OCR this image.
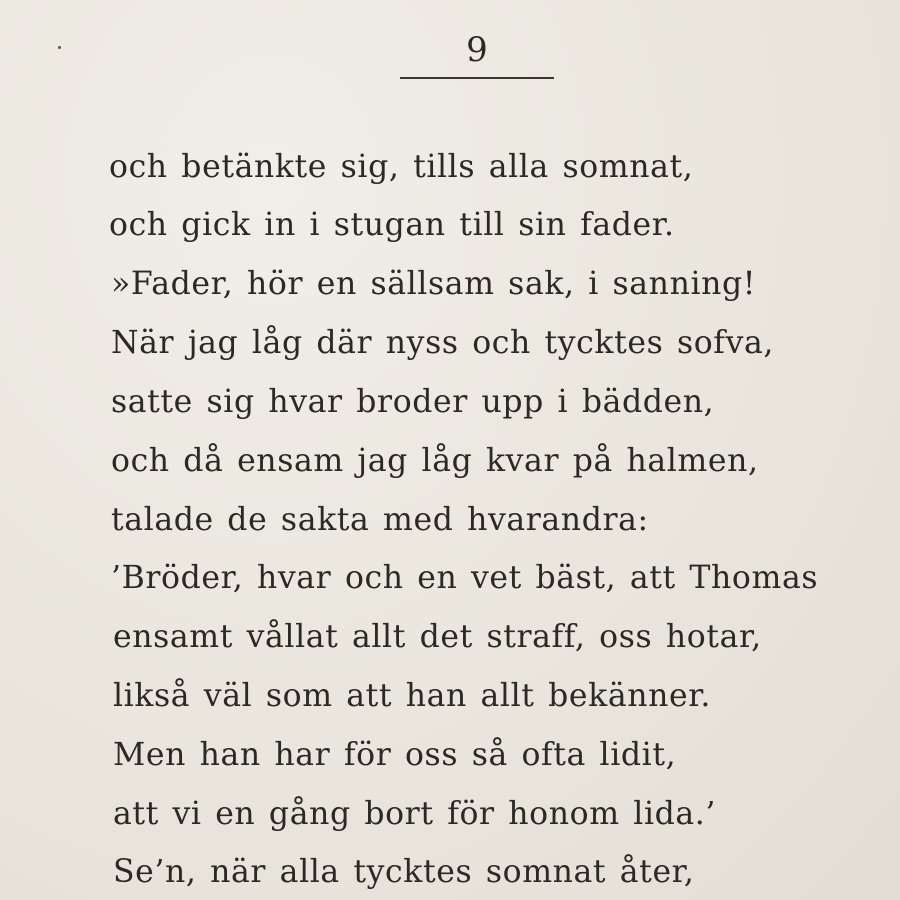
9
och betänkte sig, tills alla somnat,
och gick in i stugan till sin fader.
»Fader, hör en sällsam sak, i sanning!
När jag låg där nyss och tycktes sofva,
satte sig hvar broder upp i bädden,
och då ensam jag låg kvar på halmen,
talade de sakta med hvarandra:
’Bröder, hvar och en vet bäst, att Thomas
ensamt vållat allt det straff, oss hotar,
likså väl som att han allt bekänner.
Men han har för oss så ofta lidit,
att vi en gång bort för honom lida.’
Se’n, när alla tycktes somnat åter,
